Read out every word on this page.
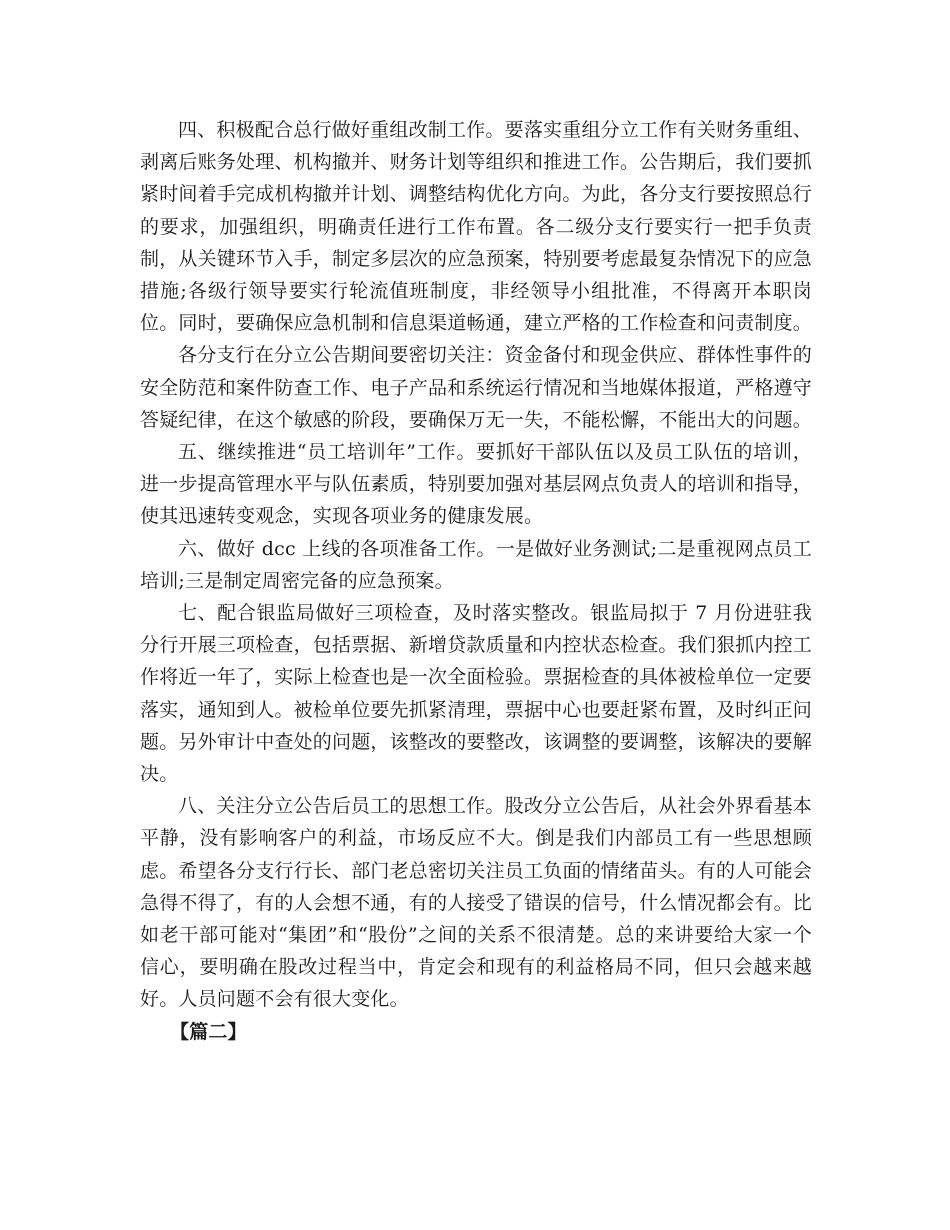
四、积极配合总行做好重组改制工作。要落实重组分立工作有关财务重组、剥离后账务处理、机构撤并、财务计划等组织和推进工作。公告期后，我们要抓紧时间着手完成机构撤并计划、调整结构优化方向。为此，各分支行要按照总行的要求，加强组织，明确责任进行工作布置。各二级分支行要实行一把手负责制，从关键环节入手，制定多层次的应急预案，特别要考虑最复杂情况下的应急措施;各级行领导要实行轮流值班制度，非经领导小组批准，不得离开本职岗位。同时，要确保应急机制和信息渠道畅通，建立严格的工作检查和问责制度。

各分支行在分立公告期间要密切关注：资金备付和现金供应、群体性事件的安全防范和案件防查工作、电子产品和系统运行情况和当地媒体报道，严格遵守答疑纪律，在这个敏感的阶段，要确保万无一失，不能松懈，不能出大的问题。

五、继续推进“员工培训年”工作。要抓好干部队伍以及员工队伍的培训，进一步提高管理水平与队伍素质，特别要加强对基层网点负责人的培训和指导，使其迅速转变观念，实现各项业务的健康发展。

六、做好 dcc 上线的各项准备工作。一是做好业务测试;二是重视网点员工培训;三是制定周密完备的应急预案。

七、配合银监局做好三项检查，及时落实整改。银监局拟于 7 月份进驻我分行开展三项检查，包括票据、新增贷款质量和内控状态检查。我们狠抓内控工作将近一年了，实际上检查也是一次全面检验。票据检查的具体被检单位一定要落实，通知到人。被检单位要先抓紧清理，票据中心也要赶紧布置，及时纠正问题。另外审计中查处的问题，该整改的要整改，该调整的要调整，该解决的要解决。

八、关注分立公告后员工的思想工作。股改分立公告后，从社会外界看基本平静，没有影响客户的利益，市场反应不大。倒是我们内部员工有一些思想顾虑。希望各分支行行长、部门老总密切关注员工负面的情绪苗头。有的人可能会急得不得了，有的人会想不通，有的人接受了错误的信号，什么情况都会有。比如老干部可能对“集团”和“股份”之间的关系不很清楚。总的来讲要给大家一个信心，要明确在股改过程当中，肯定会和现有的利益格局不同，但只会越来越好。人员问题不会有很大变化。

【篇二】
